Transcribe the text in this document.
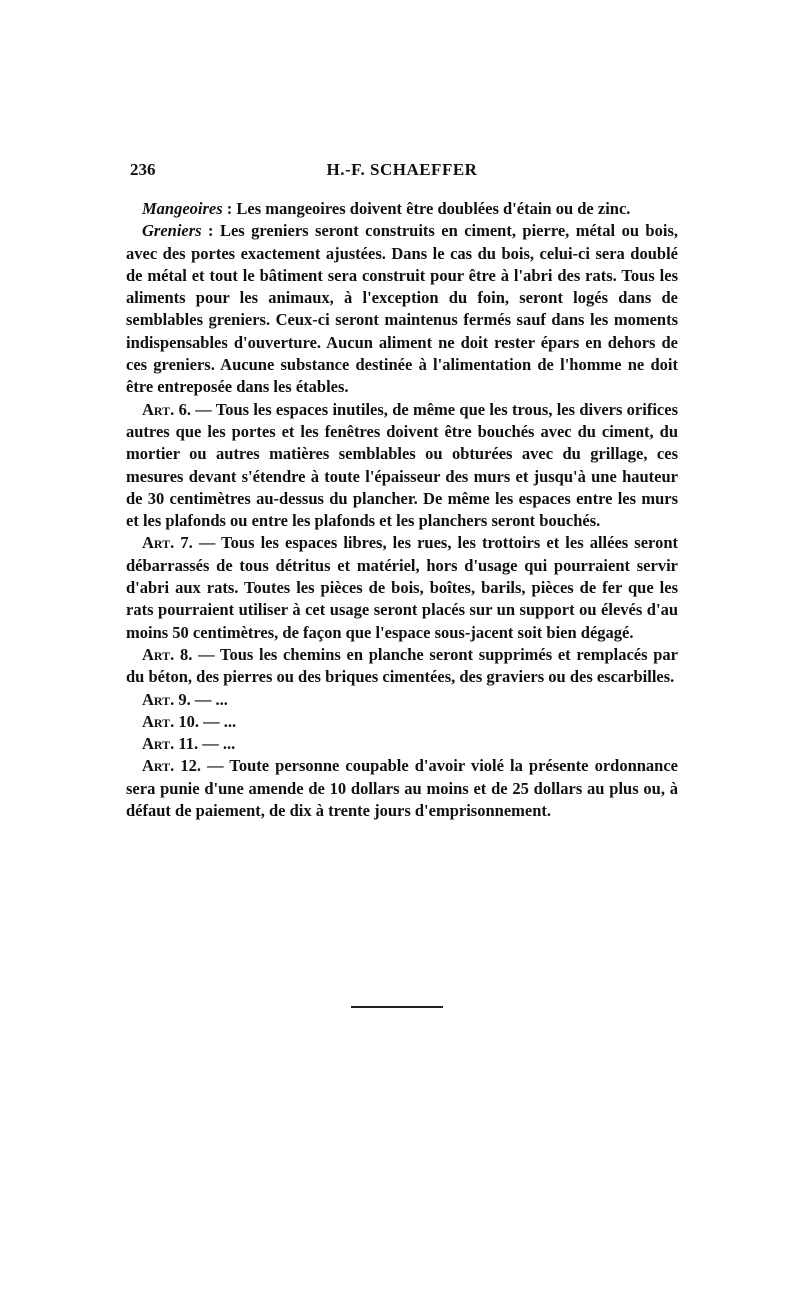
236	H.-F. SCHAEFFER

Mangeoires : Les mangeoires doivent être doublées d'étain ou de zinc.

Greniers : Les greniers seront construits en ciment, pierre, métal ou bois, avec des portes exactement ajustées. Dans le cas du bois, celui-ci sera doublé de métal et tout le bâtiment sera construit pour être à l'abri des rats. Tous les aliments pour les animaux, à l'exception du foin, seront logés dans de semblables greniers. Ceux-ci seront maintenus fermés sauf dans les moments indispensables d'ouverture. Aucun aliment ne doit rester épars en dehors de ces greniers. Aucune substance destinée à l'alimentation de l'homme ne doit être entreposée dans les étables.

Art. 6. — Tous les espaces inutiles, de même que les trous, les divers orifices autres que les portes et les fenêtres doivent être bouchés avec du ciment, du mortier ou autres matières semblables ou obturées avec du grillage, ces mesures devant s'étendre à toute l'épaisseur des murs et jusqu'à une hauteur de 30 centimètres au-dessus du plancher. De même les espaces entre les murs et les plafonds ou entre les plafonds et les planchers seront bouchés.

Art. 7. — Tous les espaces libres, les rues, les trottoirs et les allées seront débarrassés de tous détritus et matériel, hors d'usage qui pourraient servir d'abri aux rats. Toutes les pièces de bois, boîtes, barils, pièces de fer que les rats pourraient utiliser à cet usage seront placés sur un support ou élevés d'au moins 50 centimètres, de façon que l'espace sous-jacent soit bien dégagé.

Art. 8. — Tous les chemins en planche seront supprimés et remplacés par du béton, des pierres ou des briques cimentées, des graviers ou des escarbilles.

Art. 9. — ...

Art. 10. — ...

Art. 11. — ...

Art. 12. — Toute personne coupable d'avoir violé la présente ordonnance sera punie d'une amende de 10 dollars au moins et de 25 dollars au plus ou, à défaut de paiement, de dix à trente jours d'emprisonnement.
